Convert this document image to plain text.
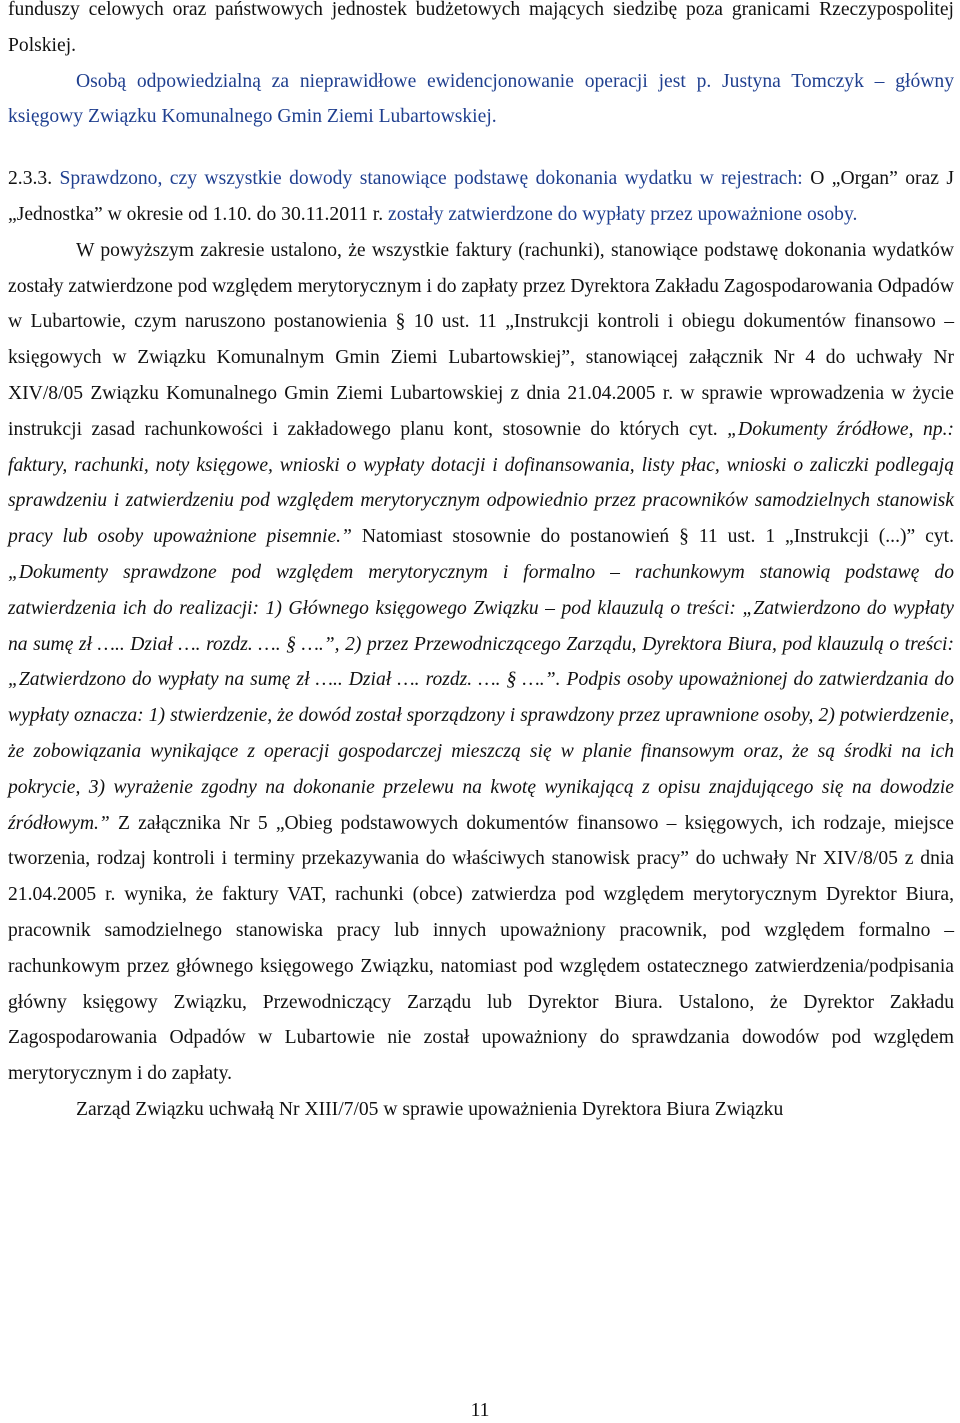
funduszy celowych oraz państwowych jednostek budżetowych mających siedzibę poza granicami Rzeczypospolitej Polskiej.
Osobą odpowiedzialną za nieprawidłowe ewidencjonowanie operacji jest p. Justyna Tomczyk – główny księgowy Związku Komunalnego Gmin Ziemi Lubartowskiej.
2.3.3. Sprawdzono, czy wszystkie dowody stanowiące podstawę dokonania wydatku w rejestrach: O „Organ” oraz J „Jednostka” w okresie od 1.10. do 30.11.2011 r. zostały zatwierdzone do wypłaty przez upoważnione osoby.
W powyższym zakresie ustalono, że wszystkie faktury (rachunki), stanowiące podstawę dokonania wydatków zostały zatwierdzone pod względem merytorycznym i do zapłaty przez Dyrektora Zakładu Zagospodarowania Odpadów w Lubartowie, czym naruszono postanowienia § 10 ust. 11 „Instrukcji kontroli i obiegu dokumentów finansowo – księgowych w Związku Komunalnym Gmin Ziemi Lubartowskiej”, stanowiącej załącznik Nr 4 do uchwały Nr XIV/8/05 Związku Komunalnego Gmin Ziemi Lubartowskiej z dnia 21.04.2005 r. w sprawie wprowadzenia w życie instrukcji zasad rachunkowości i zakładowego planu kont, stosownie do których cyt. „Dokumenty źródłowe, np.: faktury, rachunki, noty księgowe, wnioski o wypłaty dotacji i dofinansowania, listy płac, wnioski o zaliczki podlegają sprawdzeniu i zatwierdzeniu pod względem merytorycznym odpowiednio przez pracowników samodzielnych stanowisk pracy lub osoby upoważnione pisemnie.” Natomiast stosownie do postanowień § 11 ust. 1 „Instrukcji (...)” cyt. „Dokumenty sprawdzone pod względem merytorycznym i formalno – rachunkowym stanowią podstawę do zatwierdzenia ich do realizacji: 1) Głównego księgowego Związku – pod klauzulą o treści: „Zatwierdzono do wypłaty na sumę zł ….. Dział …. rozdz. …. § ….”, 2) przez Przewodniczącego Zarządu, Dyrektora Biura, pod klauzulą o treści: „Zatwierdzono do wypłaty na sumę zł ….. Dział …. rozdz. …. § ….”. Podpis osoby upoważnionej do zatwierdzania do wypłaty oznacza: 1) stwierdzenie, że dowód został sporządzony i sprawdzony przez uprawnione osoby, 2) potwierdzenie, że zobowiązania wynikające z operacji gospodarczej mieszczą się w planie finansowym oraz, że są środki na ich pokrycie, 3) wyrażenie zgodny na dokonanie przelewu na kwotę wynikającą z opisu znajdującego się na dowodzie źródłowym.” Z załącznika Nr 5 „Obieg podstawowych dokumentów finansowo – księgowych, ich rodzaje, miejsce tworzenia, rodzaj kontroli i terminy przekazywania do właściwych stanowisk pracy” do uchwały Nr XIV/8/05 z dnia 21.04.2005 r. wynika, że faktury VAT, rachunki (obce) zatwierdza pod względem merytorycznym Dyrektor Biura, pracownik samodzielnego stanowiska pracy lub innych upoważniony pracownik, pod względem formalno – rachunkowym przez głównego księgowego Związku, natomiast pod względem ostatecznego zatwierdzenia/podpisania główny księgowy Związku, Przewodniczący Zarządu lub Dyrektor Biura. Ustalono, że Dyrektor Zakładu Zagospodarowania Odpadów w Lubartowie nie został upoważniony do sprawdzania dowodów pod względem merytorycznym i do zapłaty.
Zarząd Związku uchwałą Nr XIII/7/05 w sprawie upoważnienia Dyrektora Biura Związku
11
